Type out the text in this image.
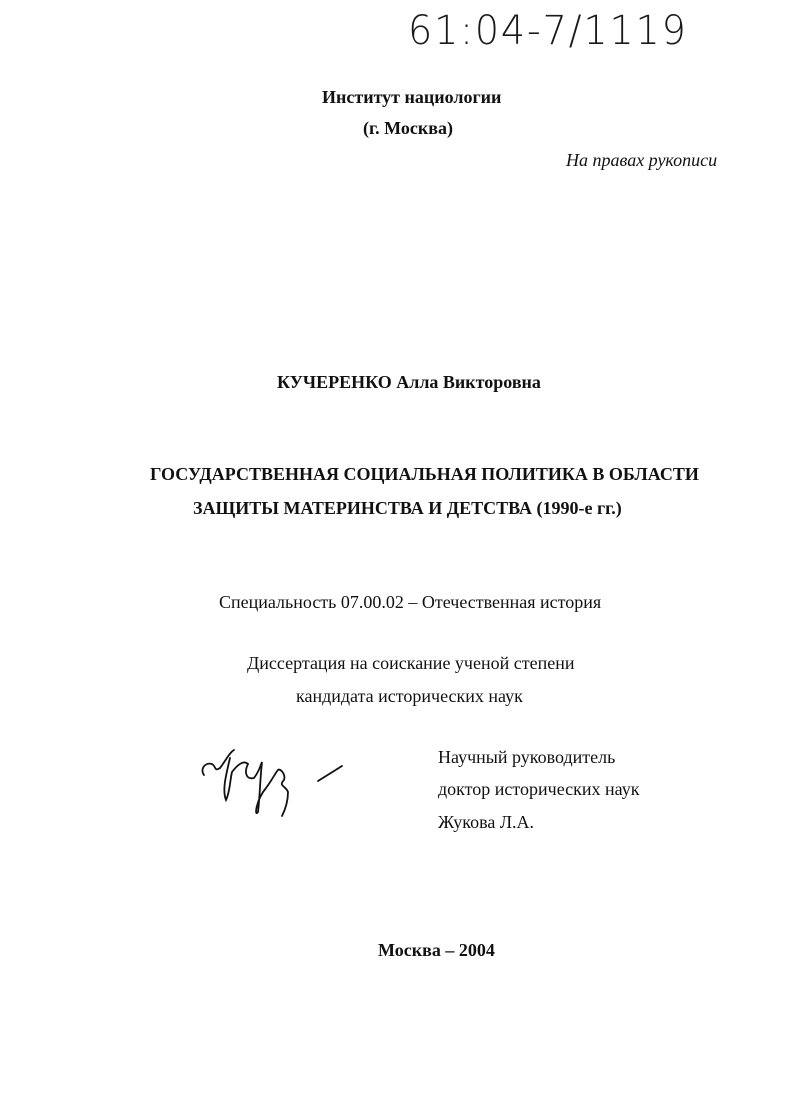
61:04-7/1119
Институт нациологии
(г. Москва)
На правах рукописи
КУЧЕРЕНКО Алла Викторовна
ГОСУДАРСТВЕННАЯ СОЦИАЛЬНАЯ ПОЛИТИКА В ОБЛАСТИ
ЗАЩИТЫ МАТЕРИНСТВА И ДЕТСТВА (1990-е гг.)
Специальность 07.00.02 – Отечественная история
Диссертация на соискание ученой степени
кандидата исторических наук
Научный руководитель
доктор исторических наук
Жукова Л.А.
Москва – 2004
